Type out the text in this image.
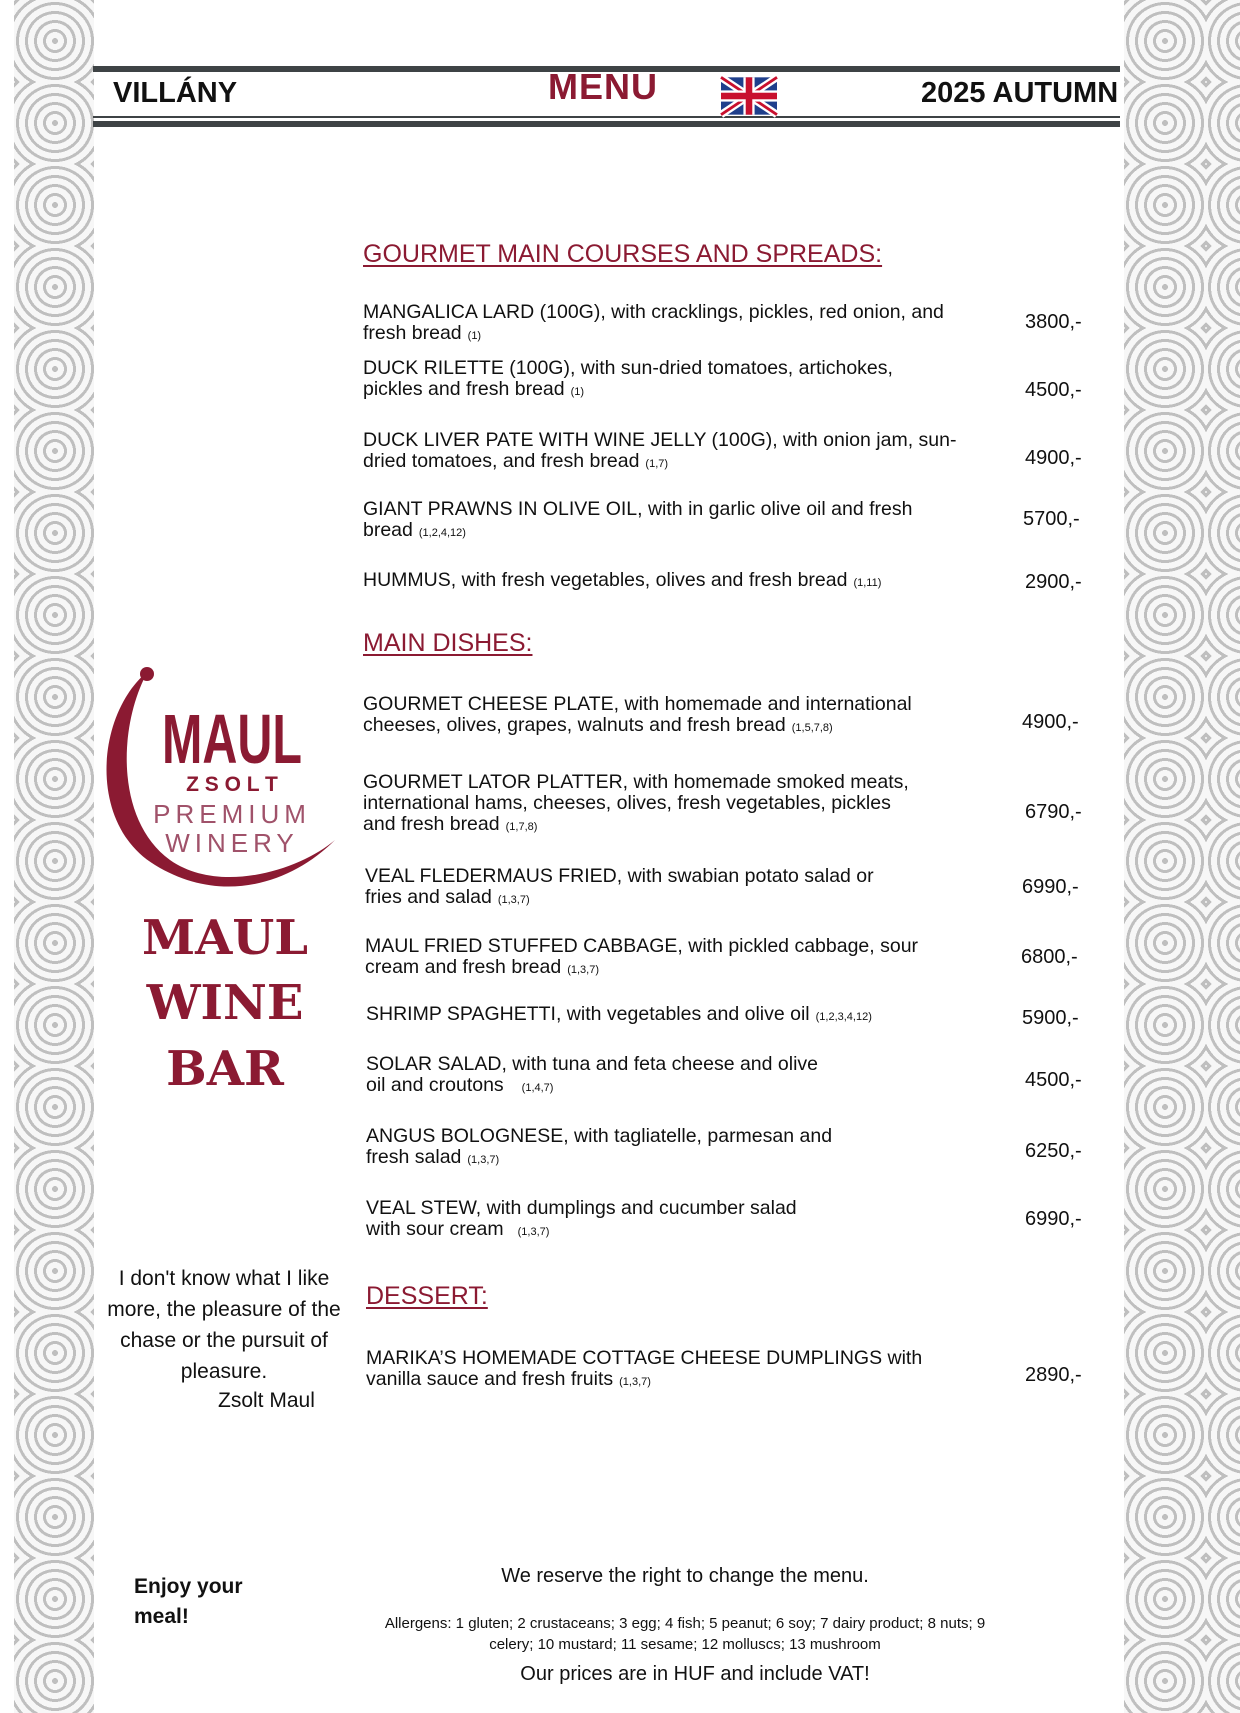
VILLÁNY	MENU	2025 AUTUMN
GOURMET MAIN COURSES AND SPREADS:
MANGALICA LARD (100G), with cracklings, pickles, red onion, and
fresh bread (1)
3800,-
DUCK RILETTE (100G), with sun-dried tomatoes, artichokes,
pickles and fresh bread (1)	4500,-
DUCK LIVER PATE WITH WINE JELLY (100G), with onion jam, sun-
dried tomatoes, and fresh bread (1,7)	4900,-
GIANT PRAWNS IN OLIVE OIL, with in garlic olive oil and fresh
bread (1,2,4,12)
5700,-
HUMMUS, with fresh vegetables, olives and fresh bread (1,11)	2900,-
MAIN DISHES:
GOURMET CHEESE PLATE, with homemade and international
cheeses, olives, grapes, walnuts and fresh bread (1,5,7,8)	4900,-
GOURMET LATOR PLATTER, with homemade smoked meats,
international hams, cheeses, olives, fresh vegetables, pickles
and fresh bread (1,7,8)
6790,-
VEAL FLEDERMAUS FRIED, with swabian potato salad or
fries and salad (1,3,7)
6990,-
MAUL FRIED STUFFED CABBAGE, with pickled cabbage, sour
cream and fresh bread (1,3,7)
6800,-
SHRIMP SPAGHETTI, with vegetables and olive oil (1,2,3,4,12)	5900,-
SOLAR SALAD, with tuna and feta cheese and olive
oil and croutons (1,4,7)	4500,-
ANGUS BOLOGNESE, with tagliatelle, parmesan and
fresh salad (1,3,7)	6250,-
VEAL STEW, with dumplings and cucumber salad
with sour cream (1,3,7)
6990,-
DESSERT:
MARIKA’S HOMEMADE COTTAGE CHEESE DUMPLINGS with
vanilla sauce and fresh fruits (1,3,7)	2890,-
MAUL
Z S O L T
PREMIUM
WINERY
MAUL
WINE
BAR
I don't know what I like more, the pleasure of the chase or the pursuit of pleasure.
Zsolt Maul
Enjoy your
meal!
We reserve the right to change the menu.
Allergens: 1 gluten; 2 crustaceans; 3 egg; 4 fish; 5 peanut; 6 soy; 7 dairy product; 8 nuts; 9
celery; 10 mustard; 11 sesame; 12 molluscs; 13 mushroom
Our prices are in HUF and include VAT!
